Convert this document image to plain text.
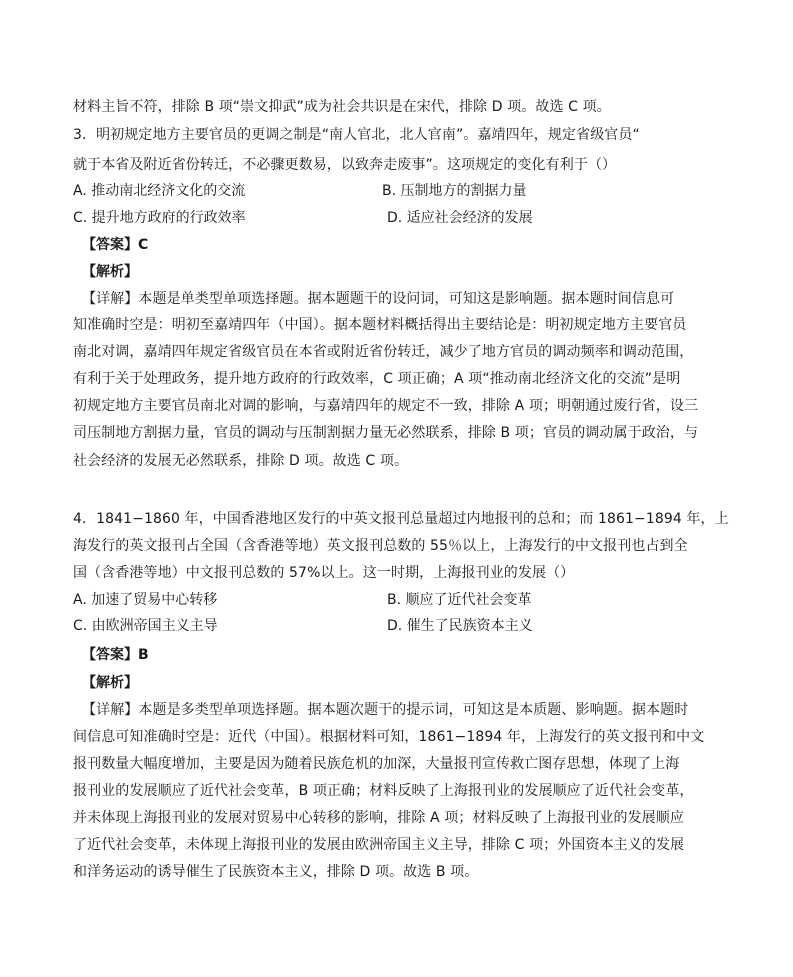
材料主旨不符，排除 B 项“崇文抑武”成为社会共识是在宋代，排除 D 项。故选 C 项。
3．明初规定地方主要官员的更调之制是“南人官北，北人官南”。嘉靖四年，规定省级官员“
就于本省及附近省份转迁，不必骤更数易，以致奔走废事”。这项规定的变化有利于（）
A. 推动南北经济文化的交流	B. 压制地方的割据力量
C. 提升地方政府的行政效率	D. 适应社会经济的发展
【答案】C
【解析】
【详解】本题是单类型单项选择题。据本题题干的设问词，可知这是影响题。据本题时间信息可
知准确时空是：明初至嘉靖四年（中国）。据本题材料概括得出主要结论是：明初规定地方主要官员
南北对调，嘉靖四年规定省级官员在本省或附近省份转迁，减少了地方官员的调动频率和调动范围，
有利于关于处理政务，提升地方政府的行政效率，C 项正确；A 项“推动南北经济文化的交流”是明
初规定地方主要官员南北对调的影响，与嘉靖四年的规定不一致，排除 A 项；明朝通过废行省，设三
司压制地方割据力量，官员的调动与压制割据力量无必然联系，排除 B 项；官员的调动属于政治，与
社会经济的发展无必然联系，排除 D 项。故选 C 项。
4．1841−1860 年，中国香港地区发行的中英文报刊总量超过内地报刊的总和；而 1861−1894 年，上
海发行的英文报刊占全国（含香港等地）英文报刊总数的 55％以上，上海发行的中文报刊也占到全
国（含香港等地）中文报刊总数的 57%以上。这一时期，上海报刊业的发展（）
A. 加速了贸易中心转移	B. 顺应了近代社会变革
C. 由欧洲帝国主义主导	D. 催生了民族资本主义
【答案】B
【解析】
【详解】本题是多类型单项选择题。据本题次题干的提示词，可知这是本质题、影响题。据本题时
间信息可知准确时空是：近代（中国）。根据材料可知，1861−1894 年，上海发行的英文报刊和中文
报刊数量大幅度增加，主要是因为随着民族危机的加深，大量报刊宣传救亡图存思想，体现了上海
报刊业的发展顺应了近代社会变革，B 项正确；材料反映了上海报刊业的发展顺应了近代社会变革，
并未体现上海报刊业的发展对贸易中心转移的影响，排除 A 项；材料反映了上海报刊业的发展顺应
了近代社会变革，未体现上海报刊业的发展由欧洲帝国主义主导，排除 C 项；外国资本主义的发展
和洋务运动的诱导催生了民族资本主义，排除 D 项。故选 B 项。
